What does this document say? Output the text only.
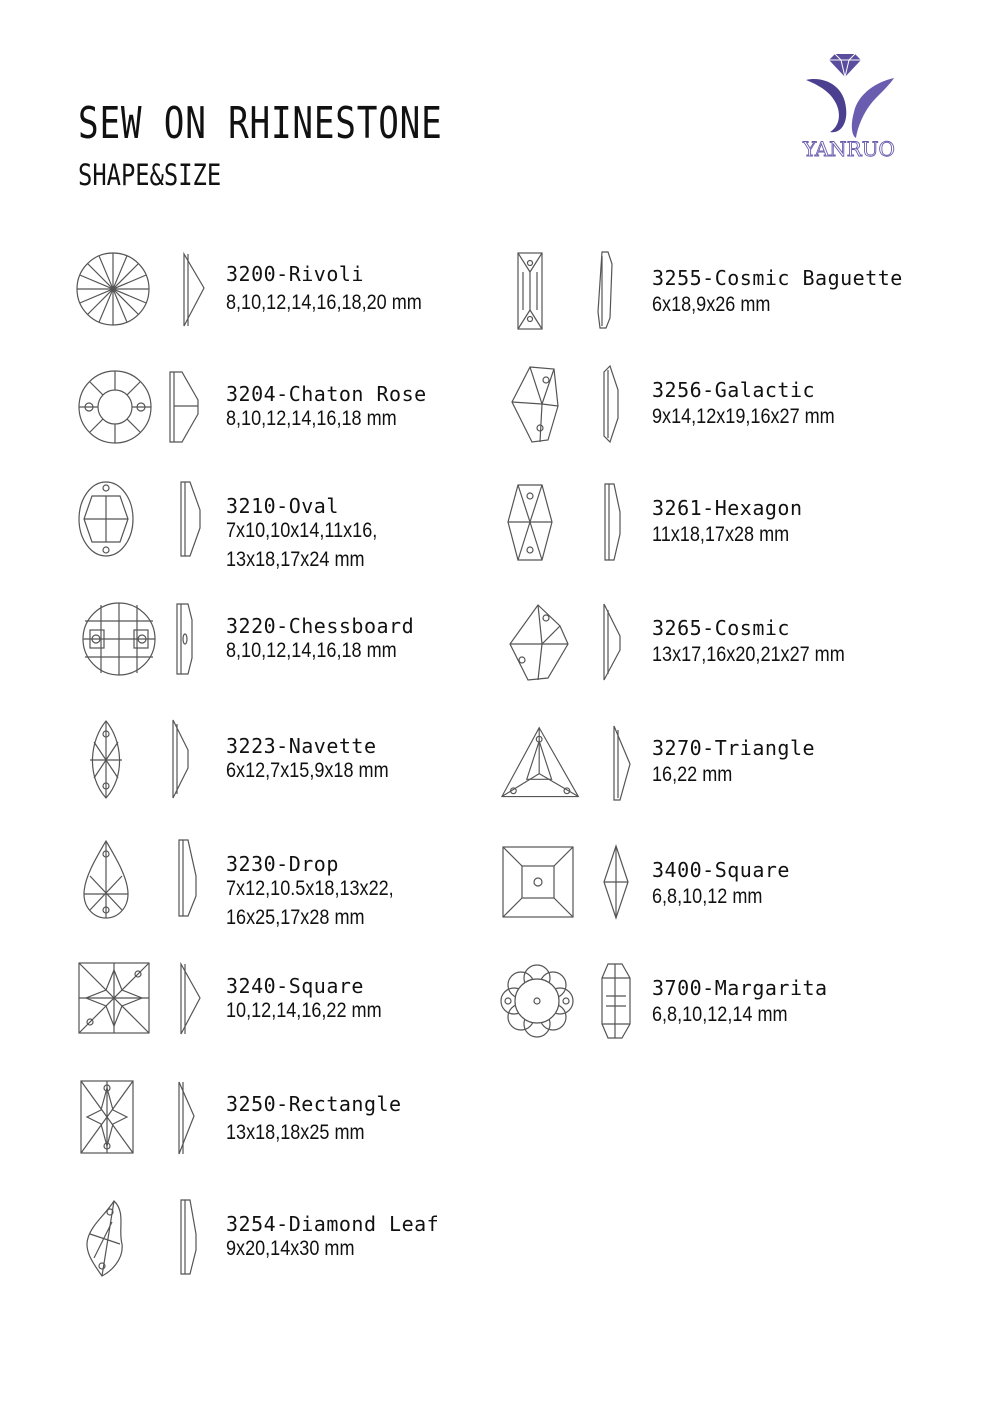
SEW ON RHINESTONE
SHAPE&SIZE
YANRUO
3200-Rivoli
8,10,12,14,16,18,20 mm
3204-Chaton Rose
8,10,12,14,16,18 mm
3210-Oval
7x10,10x14,11x16,
13x18,17x24 mm
3220-Chessboard
8,10,12,14,16,18 mm
3223-Navette
6x12,7x15,9x18 mm
3230-Drop
7x12,10.5x18,13x22,
16x25,17x28 mm
3240-Square
10,12,14,16,22 mm
3250-Rectangle
13x18,18x25 mm
3254-Diamond Leaf
9x20,14x30 mm
3255-Cosmic Baguette
6x18,9x26 mm
3256-Galactic
9x14,12x19,16x27 mm
3261-Hexagon
11x18,17x28 mm
3265-Cosmic
13x17,16x20,21x27 mm
3270-Triangle
16,22 mm
3400-Square
6,8,10,12 mm
3700-Margarita
6,8,10,12,14 mm
